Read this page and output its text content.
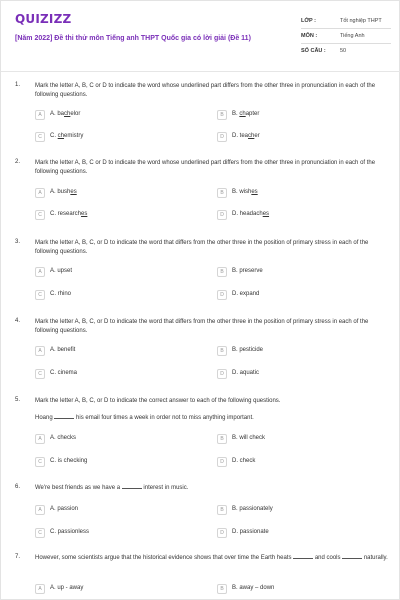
QUIZIZZ
[Năm 2022] Đề thi thử môn Tiếng anh THPT Quốc gia có lời giải (Đề 11)
LỚP :	Tốt nghiệp THPT
MÔN :	Tiếng Anh
SỐ CÂU :	50
1. Mark the letter A, B, C or D to indicate the word whose underlined part differs from the other three in pronunciation in each of the following questions.
A	A. bachelor	B	B. chapter
C	C. chemistry	D	D. teacher
2. Mark the letter A, B, C or D to indicate the word whose underlined part differs from the other three in pronunciation in each of the following questions.
A	A. bushes	B	B. wishes
C	C. researches	D	D. headaches
3. Mark the letter A, B, C, or D to indicate the word that differs from the other three in the position of primary stress in each of the following questions.
A	A. upset	B	B. preserve
C	C. rhino	D	D. expand
4. Mark the letter A, B, C, or D to indicate the word that differs from the other three in the position of primary stress in each of the following questions.
A	A. benefit	B	B. pesticide
C	C. cinema	D	D. aquatic
5. Mark the letter A, B, C, or D to indicate the correct answer to each of the following questions.
Hoang	his email four times a week in order not to miss anything important.
A	A. checks	B	B. will check
C	C. is checking	D	D. check
6. We're best friends as we have a	interest in music.
A	A. passion	B	B. passionately
C	C. passionless	D	D. passionate
7. However, some scientists argue that the historical evidence shows that over time the Earth heats	and cools	naturally.
A	A. up - away	B	B. away – down
